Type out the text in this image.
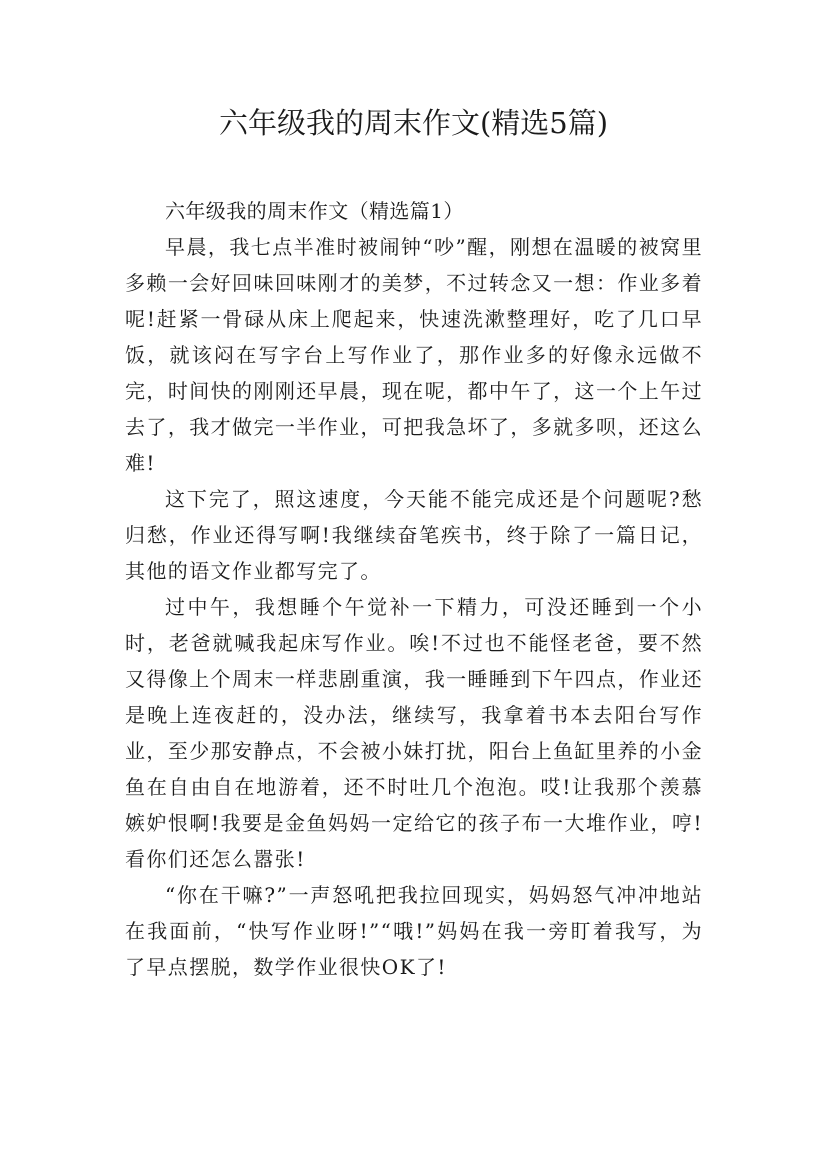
六年级我的周末作文(精选5篇)

六年级我的周末作文（精选篇1）

早晨，我七点半准时被闹钟“吵”醒，刚想在温暖的被窝里多赖一会好回味回味刚才的美梦，不过转念又一想：作业多着呢!赶紧一骨碌从床上爬起来，快速洗漱整理好，吃了几口早饭，就该闷在写字台上写作业了，那作业多的好像永远做不完，时间快的刚刚还早晨，现在呢，都中午了，这一个上午过去了，我才做完一半作业，可把我急坏了，多就多呗，还这么难!

这下完了，照这速度，今天能不能完成还是个问题呢?愁归愁，作业还得写啊!我继续奋笔疾书，终于除了一篇日记，其他的语文作业都写完了。

过中午，我想睡个午觉补一下精力，可没还睡到一个小时，老爸就喊我起床写作业。唉!不过也不能怪老爸，要不然又得像上个周末一样悲剧重演，我一睡睡到下午四点，作业还是晚上连夜赶的，没办法，继续写，我拿着书本去阳台写作业，至少那安静点，不会被小妹打扰，阳台上鱼缸里养的小金鱼在自由自在地游着，还不时吐几个泡泡。哎!让我那个羡慕嫉妒恨啊!我要是金鱼妈妈一定给它的孩子布一大堆作业，哼!看你们还怎么嚣张!

“你在干嘛?”一声怒吼把我拉回现实，妈妈怒气冲冲地站在我面前，“快写作业呀!”“哦!”妈妈在我一旁盯着我写，为了早点摆脱，数学作业很快OK了!
